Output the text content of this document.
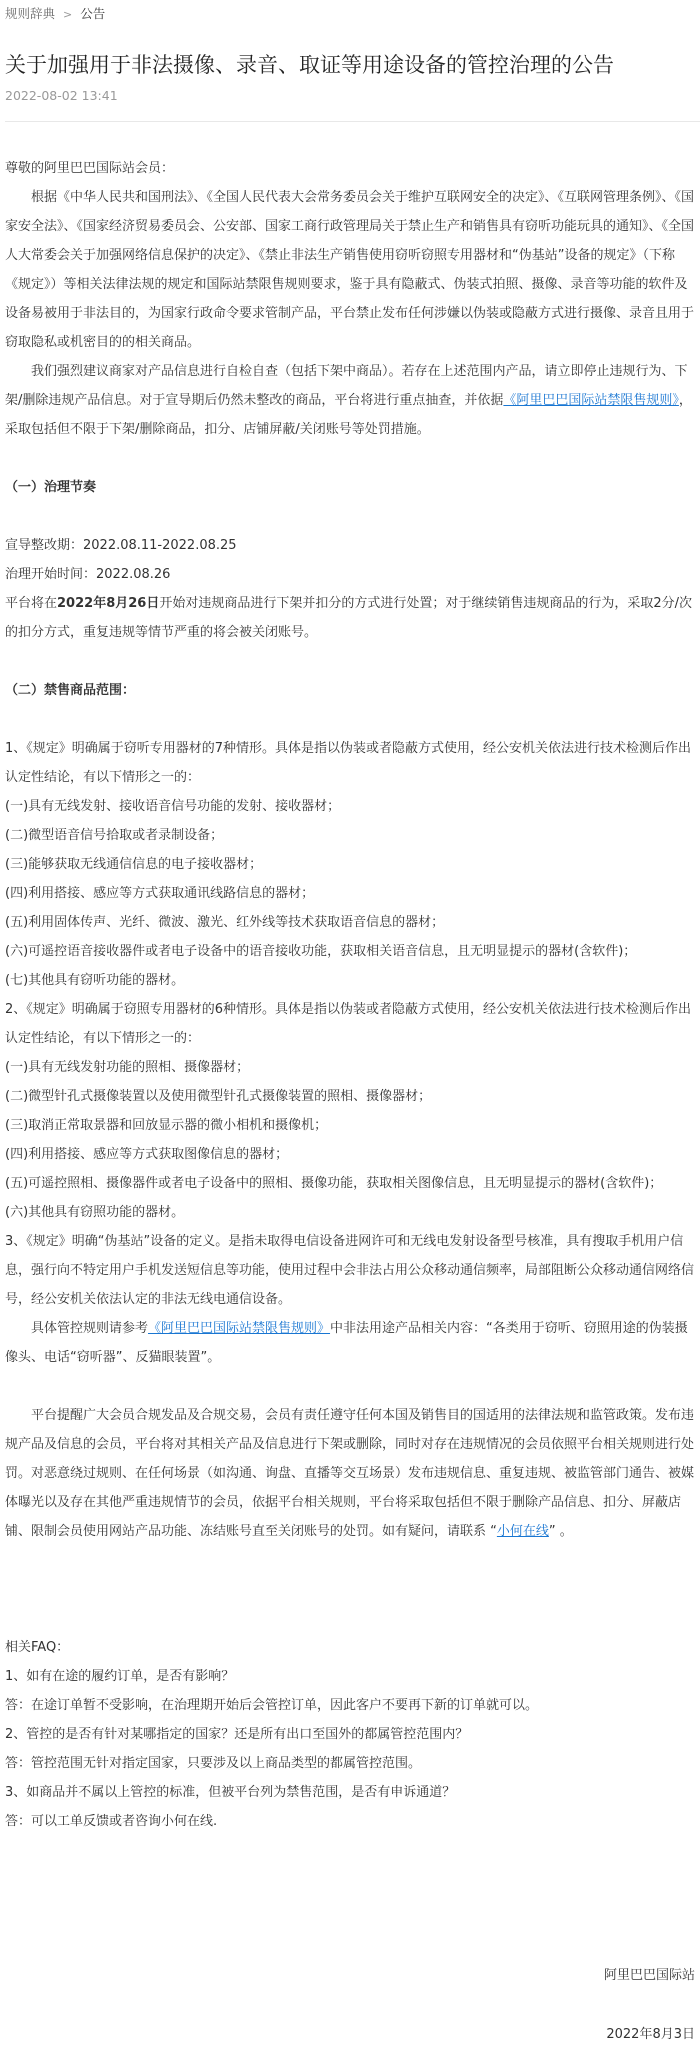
规则辞典 > 公告
关于加强用于非法摄像、录音、取证等用途设备的管控治理的公告
2022-08-02 13:41

尊敬的阿里巴巴国际站会员：

根据《中华人民共和国刑法》、《全国人民代表大会常务委员会关于维护互联网安全的决定》、《互联网管理条例》、《国家安全法》、《国家经济贸易委员会、公安部、国家工商行政管理局关于禁止生产和销售具有窃听功能玩具的通知》、《全国人大常委会关于加强网络信息保护的决定》、《禁止非法生产销售使用窃听窃照专用器材和“伪基站”设备的规定》（下称《规定》）等相关法律法规的规定和国际站禁限售规则要求，鉴于具有隐蔽式、伪装式拍照、摄像、录音等功能的软件及设备易被用于非法目的，为国家行政命令要求管制产品，平台禁止发布任何涉嫌以伪装或隐蔽方式进行摄像、录音且用于窃取隐私或机密目的的相关商品。

我们强烈建议商家对产品信息进行自检自查（包括下架中商品）。若存在上述范围内产品，请立即停止违规行为、下架/删除违规产品信息。对于宣导期后仍然未整改的商品，平台将进行重点抽查，并依据《阿里巴巴国际站禁限售规则》，采取包括但不限于下架/删除商品，扣分、店铺屏蔽/关闭账号等处罚措施。

（一）治理节奏

宣导整改期：2022.08.11-2022.08.25

治理开始时间：2022.08.26

平台将在2022年8月26日开始对违规商品进行下架并扣分的方式进行处置；对于继续销售违规商品的行为，采取2分/次的扣分方式，重复违规等情节严重的将会被关闭账号。

（二）禁售商品范围：

1、《规定》明确属于窃听专用器材的7种情形。具体是指以伪装或者隐蔽方式使用，经公安机关依法进行技术检测后作出认定性结论，有以下情形之一的：

(一)具有无线发射、接收语音信号功能的发射、接收器材；

(二)微型语音信号拾取或者录制设备；

(三)能够获取无线通信信息的电子接收器材；

(四)利用搭接、感应等方式获取通讯线路信息的器材；

(五)利用固体传声、光纤、微波、激光、红外线等技术获取语音信息的器材；

(六)可遥控语音接收器件或者电子设备中的语音接收功能，获取相关语音信息，且无明显提示的器材(含软件)；

(七)其他具有窃听功能的器材。

2、《规定》明确属于窃照专用器材的6种情形。具体是指以伪装或者隐蔽方式使用，经公安机关依法进行技术检测后作出认定性结论，有以下情形之一的：

(一)具有无线发射功能的照相、摄像器材；

(二)微型针孔式摄像装置以及使用微型针孔式摄像装置的照相、摄像器材；

(三)取消正常取景器和回放显示器的微小相机和摄像机；

(四)利用搭接、感应等方式获取图像信息的器材；

(五)可遥控照相、摄像器件或者电子设备中的照相、摄像功能，获取相关图像信息，且无明显提示的器材(含软件)；

(六)其他具有窃照功能的器材。

3、《规定》明确“伪基站”设备的定义。是指未取得电信设备进网许可和无线电发射设备型号核准，具有搜取手机用户信息，强行向不特定用户手机发送短信息等功能，使用过程中会非法占用公众移动通信频率，局部阻断公众移动通信网络信号，经公安机关依法认定的非法无线电通信设备。

具体管控规则请参考《阿里巴巴国际站禁限售规则》中非法用途产品相关内容：“各类用于窃听、窃照用途的伪装摄像头、电话“窃听器”、反猫眼装置”。

平台提醒广大会员合规发品及合规交易，会员有责任遵守任何本国及销售目的国适用的法律法规和监管政策。发布违规产品及信息的会员，平台将对其相关产品及信息进行下架或删除，同时对存在违规情况的会员依照平台相关规则进行处罚。对恶意绕过规则、在任何场景（如沟通、询盘、直播等交互场景）发布违规信息、重复违规、被监管部门通告、被媒体曝光以及存在其他严重违规情节的会员，依据平台相关规则，平台将采取包括但不限于删除产品信息、扣分、屏蔽店铺、限制会员使用网站产品功能、冻结账号直至关闭账号的处罚。如有疑问，请联系 “小何在线” 。

相关FAQ：

1、如有在途的履约订单，是否有影响？

答：在途订单暂不受影响，在治理期开始后会管控订单，因此客户不要再下新的订单就可以。

2、管控的是否有针对某哪指定的国家？还是所有出口至国外的都属管控范围内？

答：管控范围无针对指定国家，只要涉及以上商品类型的都属管控范围。

3、如商品并不属以上管控的标准，但被平台列为禁售范围，是否有申诉通道？

答：可以工单反馈或者咨询小何在线.

阿里巴巴国际站
2022年8月3日
